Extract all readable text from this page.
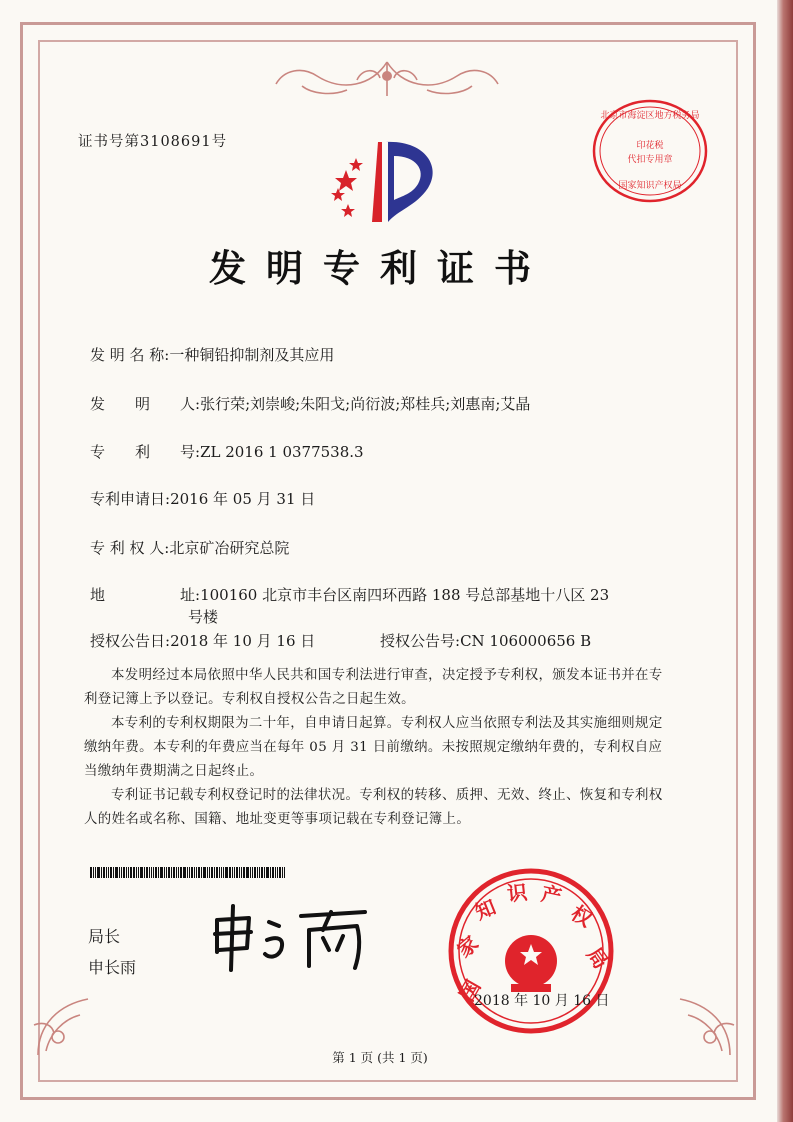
证书号第3108691号
发明专利证书
发 明 名 称:一种铜铅抑制剂及其应用
发　　明　　人:张行荣;刘崇峻;朱阳戈;尚衍波;郑桂兵;刘惠南;艾晶
专　　利　　号:ZL 2016 1 0377538.3
专利申请日:2016 年 05 月 31 日
专 利 权 人:北京矿冶研究总院
地　　　　　址:100160 北京市丰台区南四环西路 188 号总部基地十八区 23
号楼
授权公告日:2018 年 10 月 16 日	授权公告号:CN 106000656 B
本发明经过本局依照中华人民共和国专利法进行审查，决定授予专利权，颁发本证书并在专利登记簿上予以登记。专利权自授权公告之日起生效。
本专利的专利权期限为二十年，自申请日起算。专利权人应当依照专利法及其实施细则规定缴纳年费。本专利的年费应当在每年 05 月 31 日前缴纳。未按照规定缴纳年费的，专利权自应当缴纳年费期满之日起终止。
专利证书记载专利权登记时的法律状况。专利权的转移、质押、无效、终止、恢复和专利权人的姓名或名称、国籍、地址变更等事项记载在专利登记簿上。
局长
申长雨
国
家
知
识 产
权
局
2018 年 10 月 16 日
北京市海淀区地方税务局
印花税
代扣专用章
国家知识产权局
第 1 页 (共 1 页)
